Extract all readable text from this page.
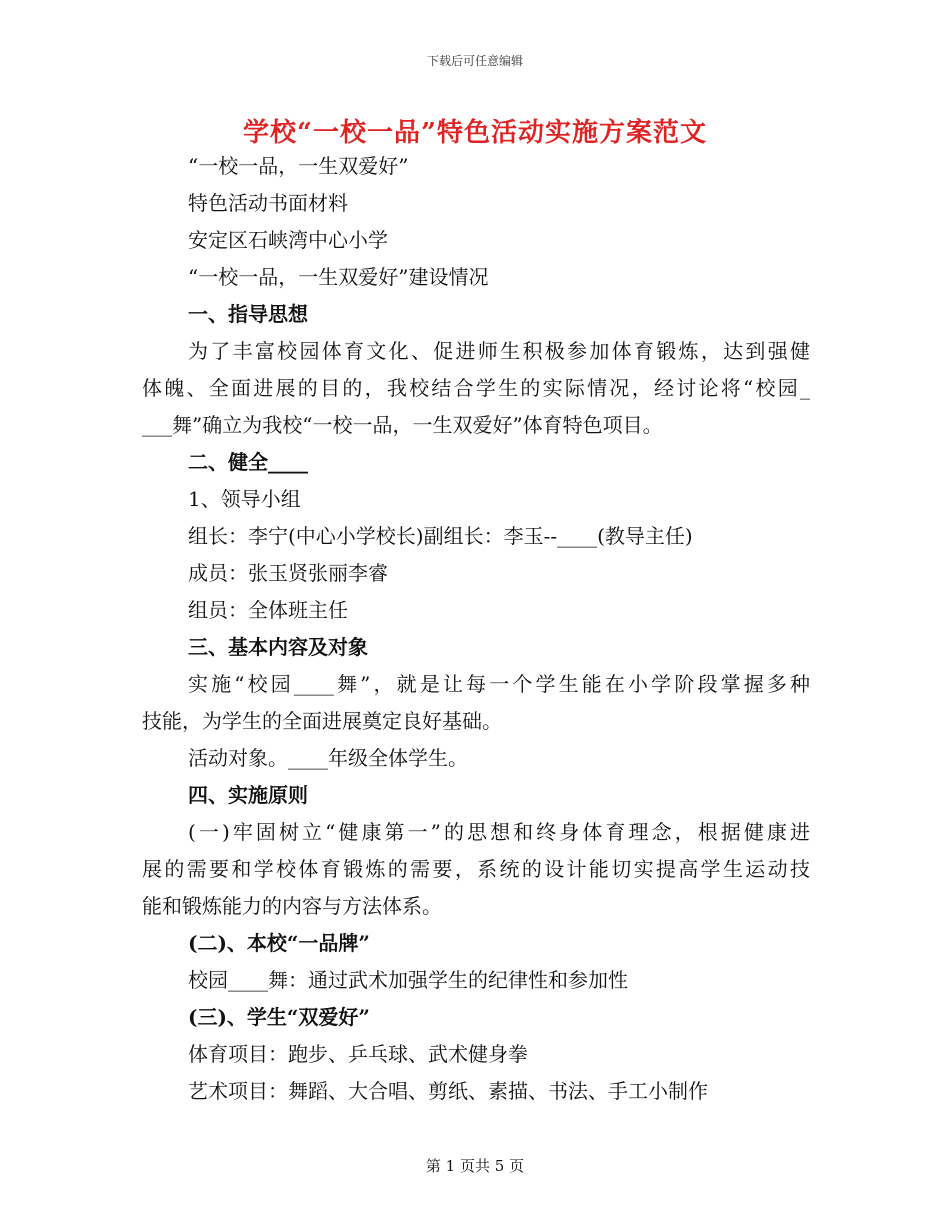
下载后可任意编辑
学校“一校一品”特色活动实施方案范文
“一校一品，一生双爱好”
特色活动书面材料
安定区石峡湾中心小学
“一校一品，一生双爱好”建设情况
一、指导思想
为了丰富校园体育文化、促进师生积极参加体育锻炼，达到强健
体魄、全面进展的目的，我校结合学生的实际情况，经讨论将“校园_
___舞”确立为我校“一校一品，一生双爱好”体育特色项目。
二、健全____
1、领导小组
组长：李宁(中心小学校长)副组长：李玉--____(教导主任)
成员：张玉贤张丽李睿
组员：全体班主任
三、基本内容及对象
实施“校园____舞”，就是让每一个学生能在小学阶段掌握多种
技能，为学生的全面进展奠定良好基础。
活动对象。____年级全体学生。
四、实施原则
(一)牢固树立“健康第一”的思想和终身体育理念，根据健康进
展的需要和学校体育锻炼的需要，系统的设计能切实提高学生运动技
能和锻炼能力的内容与方法体系。
(二)、本校“一品牌”
校园____舞：通过武术加强学生的纪律性和参加性
(三)、学生“双爱好”
体育项目：跑步、乒乓球、武术健身拳
艺术项目：舞蹈、大合唱、剪纸、素描、书法、手工小制作
第 1 页共 5 页
